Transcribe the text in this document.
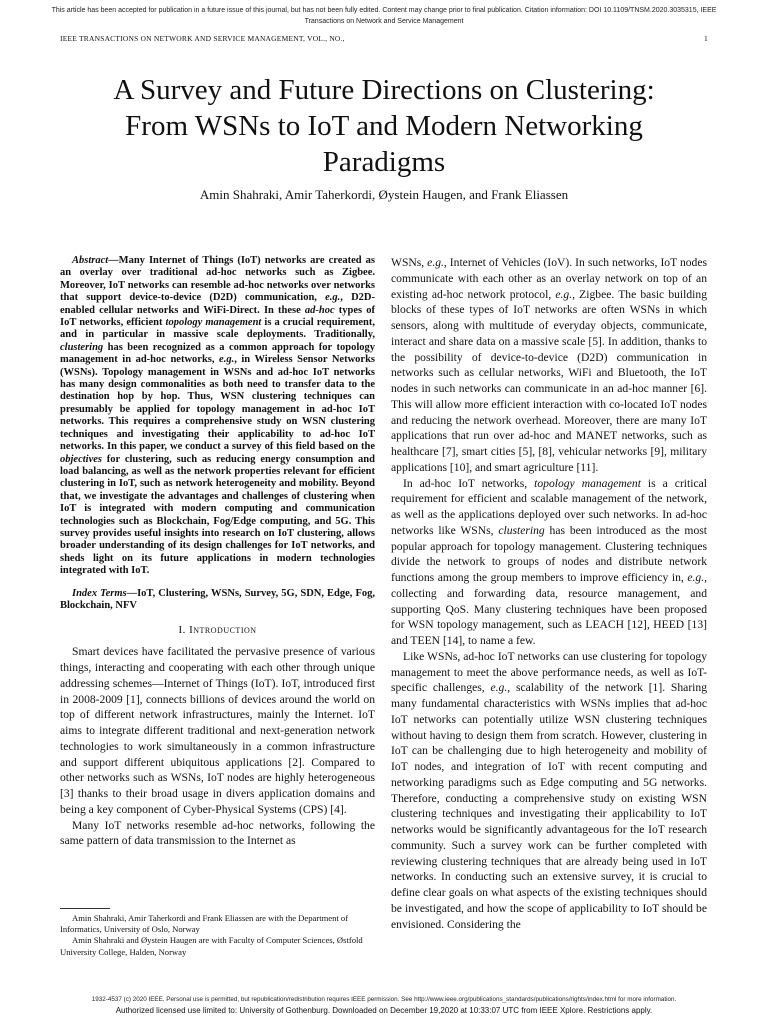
This article has been accepted for publication in a future issue of this journal, but has not been fully edited. Content may change prior to final publication. Citation information: DOI 10.1109/TNSM.2020.3035315, IEEE
Transactions on Network and Service Management
IEEE TRANSACTIONS ON NETWORK AND SERVICE MANAGEMENT, VOL., NO.,	1
A Survey and Future Directions on Clustering:
From WSNs to IoT and Modern Networking
Paradigms
Amin Shahraki, Amir Taherkordi, Øystein Haugen, and Frank Eliassen

Abstract—Many Internet of Things (IoT) networks are created as an overlay over traditional ad-hoc networks such as Zigbee. Moreover, IoT networks can resemble ad-hoc networks over networks that support device-to-device (D2D) communication, e.g., D2D-enabled cellular networks and WiFi-Direct. In these ad-hoc types of IoT networks, efficient topology management is a crucial requirement, and in particular in massive scale deployments. Traditionally, clustering has been recognized as a common approach for topology management in ad-hoc networks, e.g., in Wireless Sensor Networks (WSNs). Topology management in WSNs and ad-hoc IoT networks has many design commonalities as both need to transfer data to the destination hop by hop. Thus, WSN clustering techniques can presumably be applied for topology management in ad-hoc IoT networks. This requires a comprehensive study on WSN clustering techniques and investigating their applicability to ad-hoc IoT networks. In this paper, we conduct a survey of this field based on the objectives for clustering, such as reducing energy consumption and load balancing, as well as the network properties relevant for efficient clustering in IoT, such as network heterogeneity and mobility. Beyond that, we investigate the advantages and challenges of clustering when IoT is integrated with modern computing and communication technologies such as Blockchain, Fog/Edge computing, and 5G. This survey provides useful insights into research on IoT clustering, allows broader understanding of its design challenges for IoT networks, and sheds light on its future applications in modern technologies integrated with IoT.

Index Terms—IoT, Clustering, WSNs, Survey, 5G, SDN, Edge, Fog, Blockchain, NFV

I. Introduction

Smart devices have facilitated the pervasive presence of various things, interacting and cooperating with each other through unique addressing schemes—Internet of Things (IoT). IoT, introduced first in 2008-2009 [1], connects billions of devices around the world on top of different network infrastructures, mainly the Internet. IoT aims to integrate different traditional and next-generation network technologies to work simultaneously in a common infrastructure and support different ubiquitous applications [2]. Compared to other networks such as WSNs, IoT nodes are highly heterogeneous [3] thanks to their broad usage in divers application domains and being a key component of Cyber-Physical Systems (CPS) [4].

Many IoT networks resemble ad-hoc networks, following the same pattern of data transmission to the Internet as

Amin Shahraki, Amir Taherkordi and Frank Eliassen are with the Department of Informatics, University of Oslo, Norway

Amin Shahraki and Øystein Haugen are with Faculty of Computer Sciences, Østfold University College, Halden, Norway

WSNs, e.g., Internet of Vehicles (IoV). In such networks, IoT nodes communicate with each other as an overlay network on top of an existing ad-hoc network protocol, e.g., Zigbee. The basic building blocks of these types of IoT networks are often WSNs in which sensors, along with multitude of everyday objects, communicate, interact and share data on a massive scale [5]. In addition, thanks to the possibility of device-to-device (D2D) communication in networks such as cellular networks, WiFi and Bluetooth, the IoT nodes in such networks can communicate in an ad-hoc manner [6]. This will allow more efficient interaction with co-located IoT nodes and reducing the network overhead. Moreover, there are many IoT applications that run over ad-hoc and MANET networks, such as healthcare [7], smart cities [5], [8], vehicular networks [9], military applications [10], and smart agriculture [11].

In ad-hoc IoT networks, topology management is a critical requirement for efficient and scalable management of the network, as well as the applications deployed over such networks. In ad-hoc networks like WSNs, clustering has been introduced as the most popular approach for topology management. Clustering techniques divide the network to groups of nodes and distribute network functions among the group members to improve efficiency in, e.g., collecting and forwarding data, resource management, and supporting QoS. Many clustering techniques have been proposed for WSN topology management, such as LEACH [12], HEED [13] and TEEN [14], to name a few.

Like WSNs, ad-hoc IoT networks can use clustering for topology management to meet the above performance needs, as well as IoT-specific challenges, e.g., scalability of the network [1]. Sharing many fundamental characteristics with WSNs implies that ad-hoc IoT networks can potentially utilize WSN clustering techniques without having to design them from scratch. However, clustering in IoT can be challenging due to high heterogeneity and mobility of IoT nodes, and integration of IoT with recent computing and networking paradigms such as Edge computing and 5G networks. Therefore, conducting a comprehensive study on existing WSN clustering techniques and investigating their applicability to IoT networks would be significantly advantageous for the IoT research community. Such a survey work can be further completed with reviewing clustering techniques that are already being used in IoT networks. In conducting such an extensive survey, it is crucial to define clear goals on what aspects of the existing techniques should be investigated, and how the scope of applicability to IoT should be envisioned. Considering the

1932-4537 (c) 2020 IEEE. Personal use is permitted, but republication/redistribution requires IEEE permission. See http://www.ieee.org/publications_standards/publications/rights/index.html for more information.
Authorized licensed use limited to: University of Gothenburg. Downloaded on December 19,2020 at 10:33:07 UTC from IEEE Xplore. Restrictions apply.
